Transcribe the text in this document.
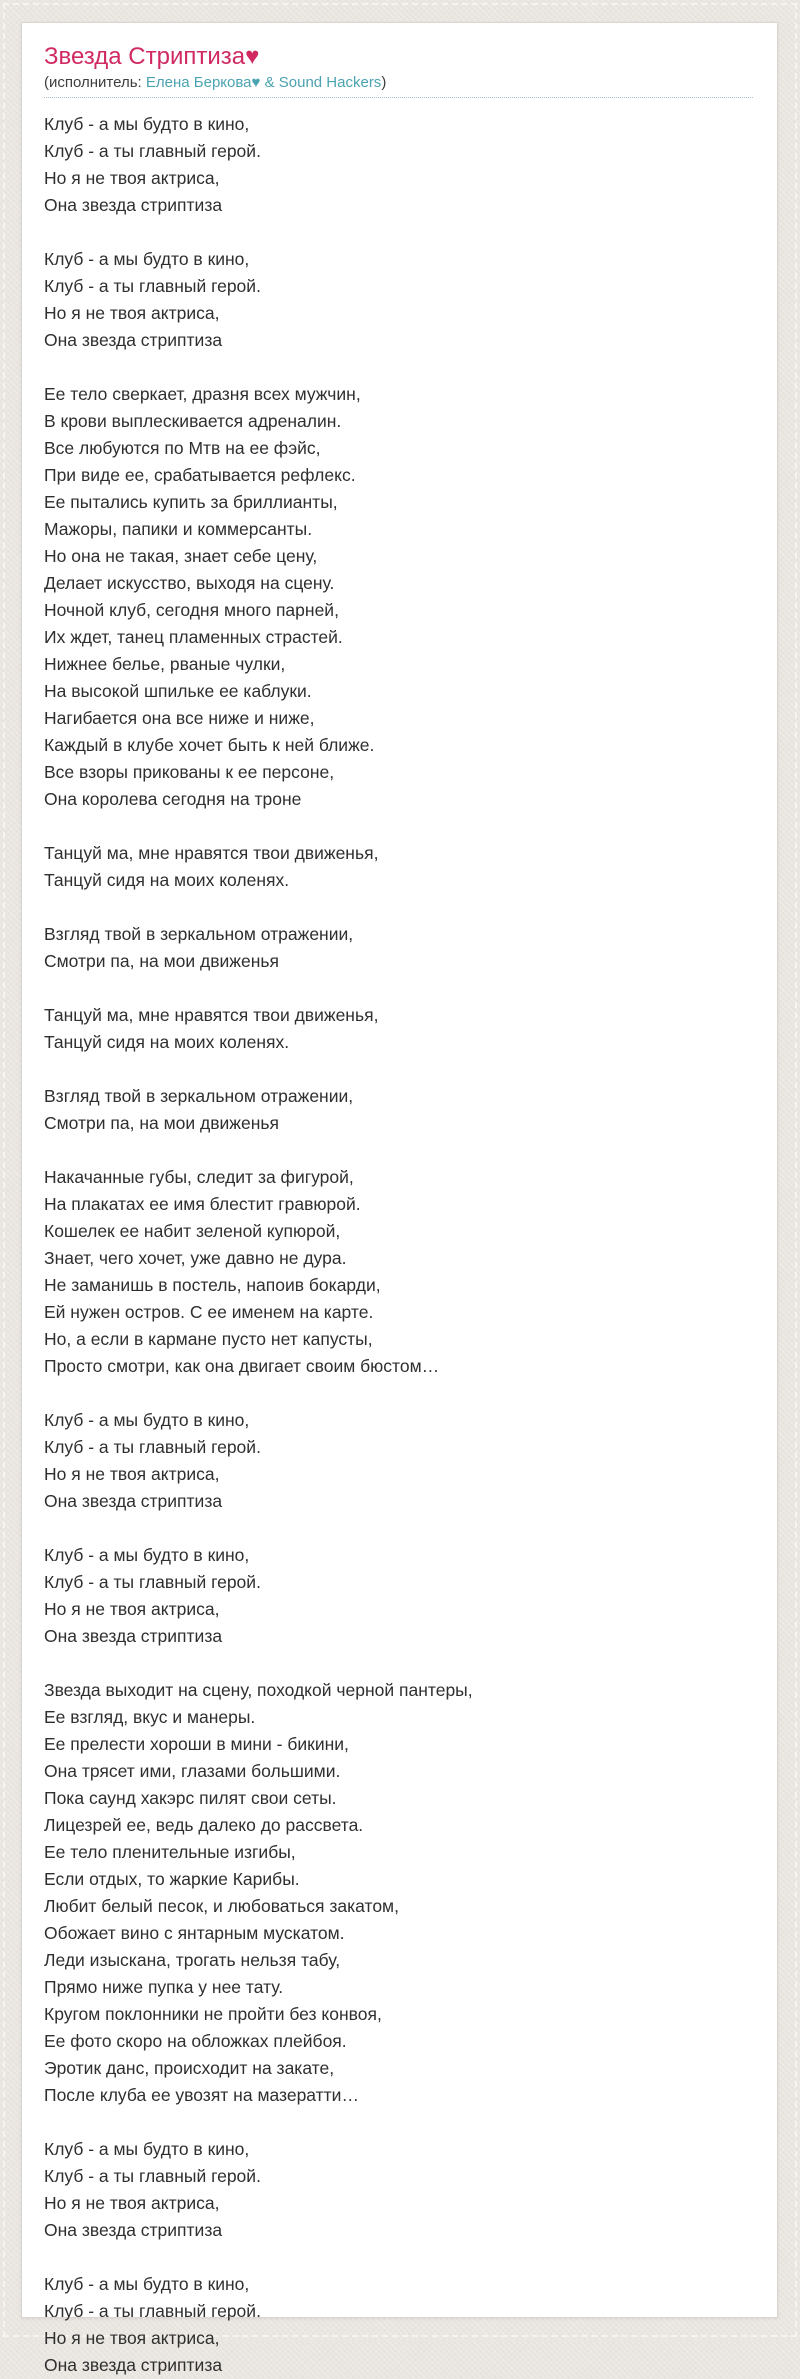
Звезда Стриптиза♥
(исполнитель: Елена Беркова♥ & Sound Hackers)

Клуб - а мы будто в кино,
Клуб - а ты главный герой.
Но я не твоя актриса,
Она звезда стриптиза

Клуб - а мы будто в кино,
Клуб - а ты главный герой.
Но я не твоя актриса,
Она звезда стриптиза

Ее тело сверкает, дразня всех мужчин,
В крови выплескивается адреналин.
Все любуются по Мтв на ее фэйс,
При виде ее, срабатывается рефлекс.
Ее пытались купить за бриллианты,
Мажоры, папики и коммерсанты.
Но она не такая, знает себе цену,
Делает искусство, выходя на сцену.
Ночной клуб, сегодня много парней,
Их ждет, танец пламенных страстей.
Нижнее белье, рваные чулки,
На высокой шпильке ее каблуки.
Нагибается она все ниже и ниже,
Каждый в клубе хочет быть к ней ближе.
Все взоры прикованы к ее персоне,
Она королева сегодня на троне

Танцуй ма, мне нравятся твои движенья,
Танцуй сидя на моих коленях.

Взгляд твой в зеркальном отражении,
Смотри па, на мои движенья

Танцуй ма, мне нравятся твои движенья,
Танцуй сидя на моих коленях.

Взгляд твой в зеркальном отражении,
Смотри па, на мои движенья

Накачанные губы, следит за фигурой,
На плакатах ее имя блестит гравюрой.
Кошелек ее набит зеленой купюрой,
Знает, чего хочет, уже давно не дура.
Не заманишь в постель, напоив бокарди,
Ей нужен остров. С ее именем на карте.
Но, а если в кармане пусто нет капусты,
Просто смотри, как она двигает своим бюстом…

Клуб - а мы будто в кино,
Клуб - а ты главный герой.
Но я не твоя актриса,
Она звезда стриптиза

Клуб - а мы будто в кино,
Клуб - а ты главный герой.
Но я не твоя актриса,
Она звезда стриптиза

Звезда выходит на сцену, походкой черной пантеры,
Ее взгляд, вкус и манеры.
Ее прелести хороши в мини - бикини,
Она трясет ими, глазами большими.
Пока саунд хакэрс пилят свои сеты.
Лицезрей ее, ведь далеко до рассвета.
Ее тело пленительные изгибы,
Если отдых, то жаркие Карибы.
Любит белый песок, и любоваться закатом,
Обожает вино с янтарным мускатом.
Леди изыскана, трогать нельзя табу,
Прямо ниже пупка у нее тату.
Кругом поклонники не пройти без конвоя,
Ее фото скоро на обложках плейбоя.
Эротик данс, происходит на закате,
После клуба ее увозят на мазератти…

Клуб - а мы будто в кино,
Клуб - а ты главный герой.
Но я не твоя актриса,
Она звезда стриптиза

Клуб - а мы будто в кино,
Клуб - а ты главный герой.
Но я не твоя актриса,
Она звезда стриптиза
